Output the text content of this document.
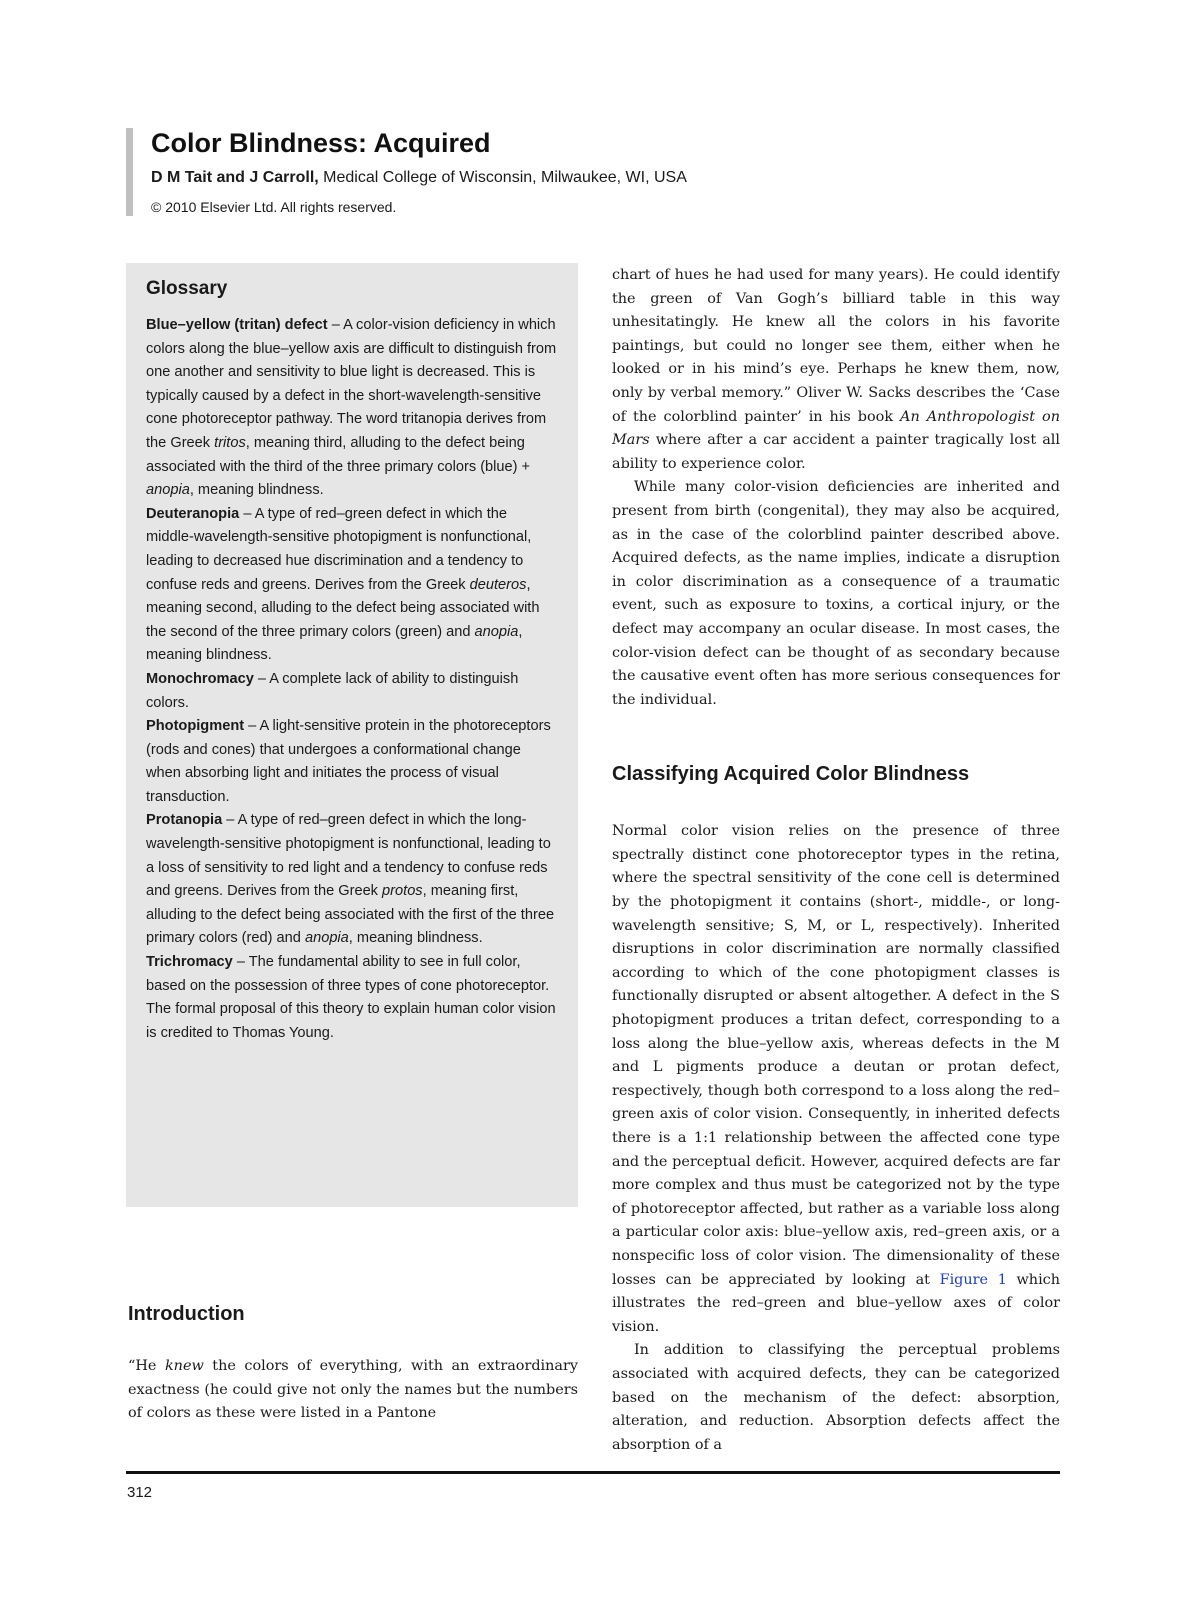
Color Blindness: Acquired

D M Tait and J Carroll, Medical College of Wisconsin, Milwaukee, WI, USA

© 2010 Elsevier Ltd. All rights reserved.

Glossary

Blue–yellow (tritan) defect – A color-vision deficiency in which colors along the blue–yellow axis are difficult to distinguish from one another and sensitivity to blue light is decreased. This is typically caused by a defect in the short-wavelength-sensitive cone photoreceptor pathway. The word tritanopia derives from the Greek tritos, meaning third, alluding to the defect being associated with the third of the three primary colors (blue) + anopia, meaning blindness.

Deuteranopia – A type of red–green defect in which the middle-wavelength-sensitive photopigment is nonfunctional, leading to decreased hue discrimination and a tendency to confuse reds and greens. Derives from the Greek deuteros, meaning second, alluding to the defect being associated with the second of the three primary colors (green) and anopia, meaning blindness.

Monochromacy – A complete lack of ability to distinguish colors.

Photopigment – A light-sensitive protein in the photoreceptors (rods and cones) that undergoes a conformational change when absorbing light and initiates the process of visual transduction.

Protanopia – A type of red–green defect in which the long-wavelength-sensitive photopigment is nonfunctional, leading to a loss of sensitivity to red light and a tendency to confuse reds and greens. Derives from the Greek protos, meaning first, alluding to the defect being associated with the first of the three primary colors (red) and anopia, meaning blindness.

Trichromacy – The fundamental ability to see in full color, based on the possession of three types of cone photoreceptor. The formal proposal of this theory to explain human color vision is credited to Thomas Young.

Introduction

“He knew the colors of everything, with an extraordinary exactness (he could give not only the names but the numbers of colors as these were listed in a Pantone

chart of hues he had used for many years). He could identify the green of Van Gogh’s billiard table in this way unhesitatingly. He knew all the colors in his favorite paintings, but could no longer see them, either when he looked or in his mind’s eye. Perhaps he knew them, now, only by verbal memory.” Oliver W. Sacks describes the ‘Case of the colorblind painter’ in his book An Anthropologist on Mars where after a car accident a painter tragically lost all ability to experience color.

While many color-vision deficiencies are inherited and present from birth (congenital), they may also be acquired, as in the case of the colorblind painter described above. Acquired defects, as the name implies, indicate a disruption in color discrimination as a consequence of a traumatic event, such as exposure to toxins, a cortical injury, or the defect may accompany an ocular disease. In most cases, the color-vision defect can be thought of as secondary because the causative event often has more serious consequences for the individual.

Classifying Acquired Color Blindness

Normal color vision relies on the presence of three spectrally distinct cone photoreceptor types in the retina, where the spectral sensitivity of the cone cell is determined by the photopigment it contains (short-, middle-, or long-wavelength sensitive; S, M, or L, respectively). Inherited disruptions in color discrimination are normally classified according to which of the cone photopigment classes is functionally disrupted or absent altogether. A defect in the S photopigment produces a tritan defect, corresponding to a loss along the blue–yellow axis, whereas defects in the M and L pigments produce a deutan or protan defect, respectively, though both correspond to a loss along the red–green axis of color vision. Consequently, in inherited defects there is a 1:1 relationship between the affected cone type and the perceptual deficit. However, acquired defects are far more complex and thus must be categorized not by the type of photoreceptor affected, but rather as a variable loss along a particular color axis: blue–yellow axis, red–green axis, or a nonspecific loss of color vision. The dimensionality of these losses can be appreciated by looking at Figure 1 which illustrates the red–green and blue–yellow axes of color vision.

In addition to classifying the perceptual problems associated with acquired defects, they can be categorized based on the mechanism of the defect: absorption, alteration, and reduction. Absorption defects affect the absorption of a

312
